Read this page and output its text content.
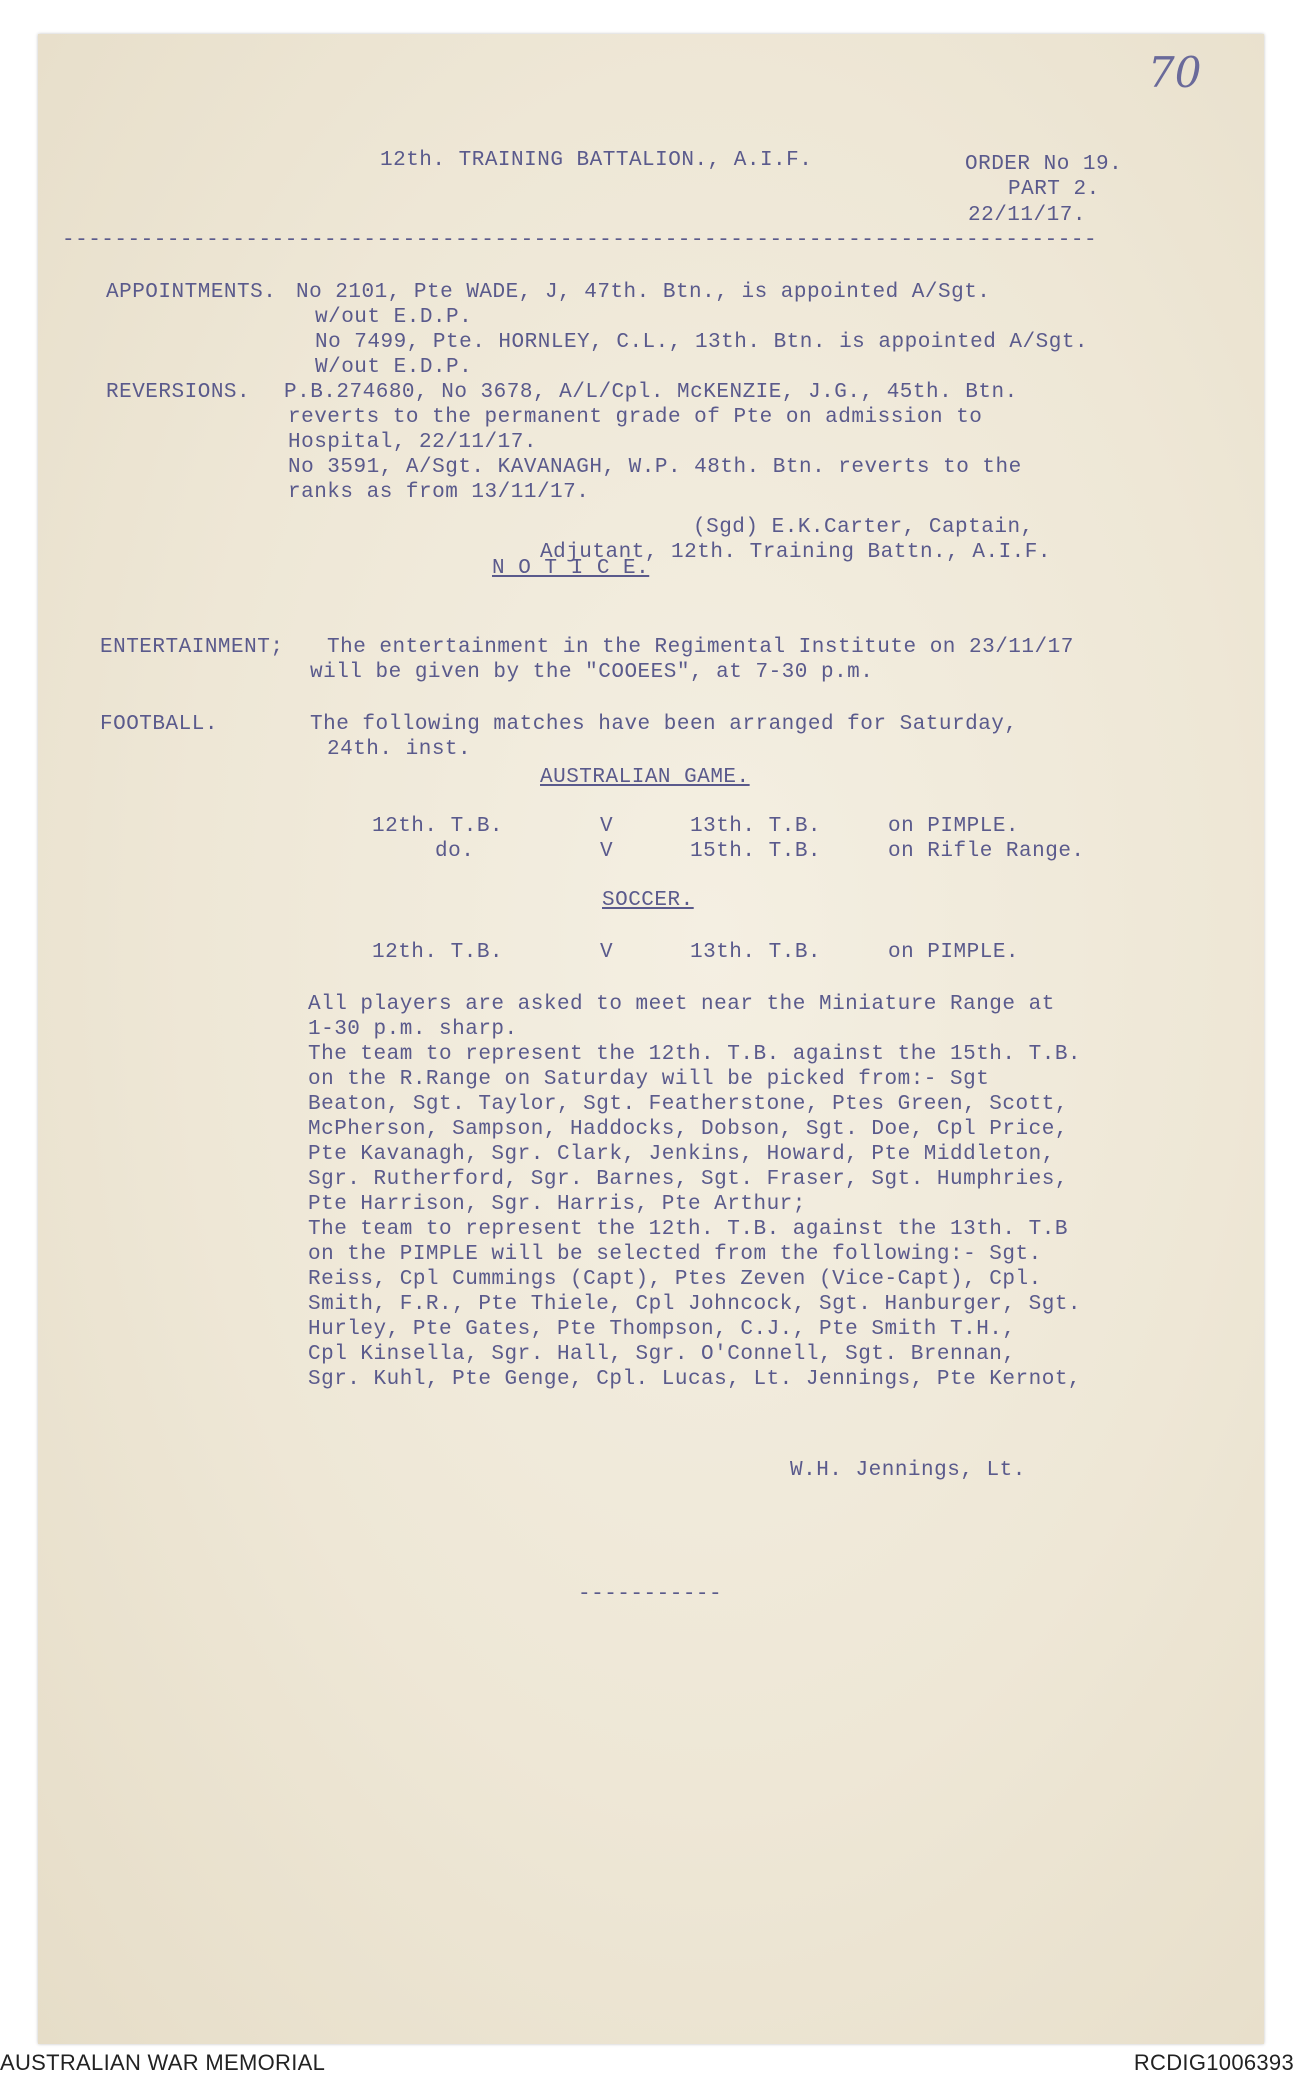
70
12th. TRAINING BATTALION., A.I.F.	ORDER No 19.
PART 2.
22/11/17.
-------------------------------------------------------------------------------
APPOINTMENTS. No 2101, Pte WADE, J, 47th. Btn., is appointed A/Sgt.
w/out E.D.P.
No 7499, Pte. HORNLEY, C.L., 13th. Btn. is appointed A/Sgt.
W/out E.D.P.
REVERSIONS. P.B.274680, No 3678, A/L/Cpl. McKENZIE, J.G., 45th. Btn.
reverts to the permanent grade of Pte on admission to
Hospital, 22/11/17.
No 3591, A/Sgt. KAVANAGH, W.P. 48th. Btn. reverts to the
ranks as from 13/11/17.
(Sgd) E.K.Carter, Captain,
Adjutant, 12th. Training Battn., A.I.F.
N O T I C E.
ENTERTAINMENT; The entertainment in the Regimental Institute on 23/11/17
will be given by the "COOEES", at 7-30 p.m.
FOOTBALL.	The following matches have been arranged for Saturday,
24th. inst.
AUSTRALIAN GAME.
12th. T.B.	V	13th. T.B.	on PIMPLE.
do.	V	15th. T.B.	on Rifle Range.
SOCCER.
12th. T.B.	V	13th. T.B.	on PIMPLE.
All players are asked to meet near the Miniature Range at
1-30 p.m. sharp.
The team to represent the 12th. T.B. against the 15th. T.B.
on the R.Range on Saturday will be picked from:- Sgt
Beaton, Sgt. Taylor, Sgt. Featherstone, Ptes Green, Scott,
McPherson, Sampson, Haddocks, Dobson, Sgt. Doe, Cpl Price,
Pte Kavanagh, Sgr. Clark, Jenkins, Howard, Pte Middleton,
Sgr. Rutherford, Sgr. Barnes, Sgt. Fraser, Sgt. Humphries,
Pte Harrison, Sgr. Harris, Pte Arthur;
The team to represent the 12th. T.B. against the 13th. T.B
on the PIMPLE will be selected from the following:- Sgt.
Reiss, Cpl Cummings (Capt), Ptes Zeven (Vice-Capt), Cpl.
Smith, F.R., Pte Thiele, Cpl Johncock, Sgt. Hanburger, Sgt.
Hurley, Pte Gates, Pte Thompson, C.J., Pte Smith T.H.,
Cpl Kinsella, Sgr. Hall, Sgr. O'Connell, Sgt. Brennan,
Sgr. Kuhl, Pte Genge, Cpl. Lucas, Lt. Jennings, Pte Kernot,
W.H. Jennings, Lt.
-----------
AUSTRALIAN WAR MEMORIAL	RCDIG1006393
